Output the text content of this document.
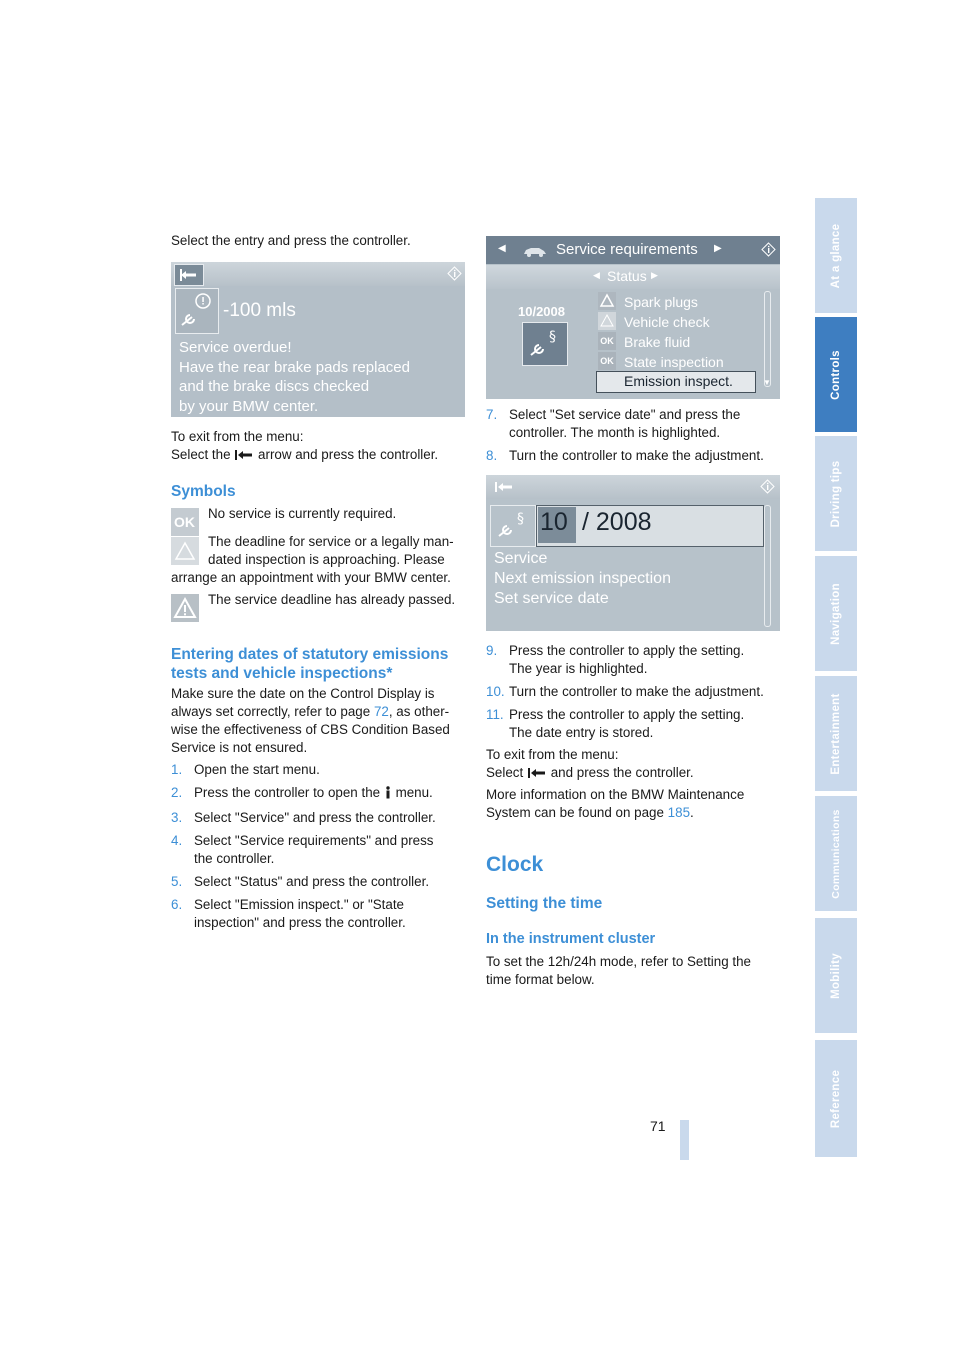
Select the entry and press the controller.

-100 mls
Service overdue!
Have the rear brake pads replaced
and the brake discs checked
by your BMW center.

To exit from the menu:

Select the arrow and press the controller.

Symbols
OK

No service is currently required.

The deadline for service or a legally man-

dated inspection is approaching. Please

arrange an appointment with your BMW center.

The service deadline has already passed.

Entering dates of statutory emissions
tests and vehicle inspections*

Make sure the date on the Control Display is

always set correctly, refer to page 72, as other-

wise the effectiveness of CBS Condition Based

Service is not ensured.

1. Open the start menu.
2. Press the controller to open the menu.
3. Select "Service" and press the controller.
4. Select "Service requirements" and press
the controller.
5. Select "Status" and press the controller.
6. Select "Emission inspect." or "State
inspection" and press the controller.
◀	Service requirements ▶
◀ Status ▶
10/2008
§	OK
OK
Spark plugs
Vehicle check
Brake fluid
State inspection
Emission inspect.	▼
7. Select "Set service date" and press the
controller. The month is highlighted.
8. Turn the controller to make the adjustment.
§ 10 / 2008
Service
Next emission inspection
Set service date
9. Press the controller to apply the setting.
The year is highlighted.
10. Turn the controller to make the adjustment.
11. Press the controller to apply the setting.
The date entry is stored.

To exit from the menu:

Select and press the controller.

More information on the BMW Maintenance

System can be found on page 185.

Clock
Setting the time
In the instrument cluster

To set the 12h/24h mode, refer to Setting the

time format below.

At a glance
Controls
Driving tips
Navigation
Entertainment
Communications
Mobility
Reference
71
